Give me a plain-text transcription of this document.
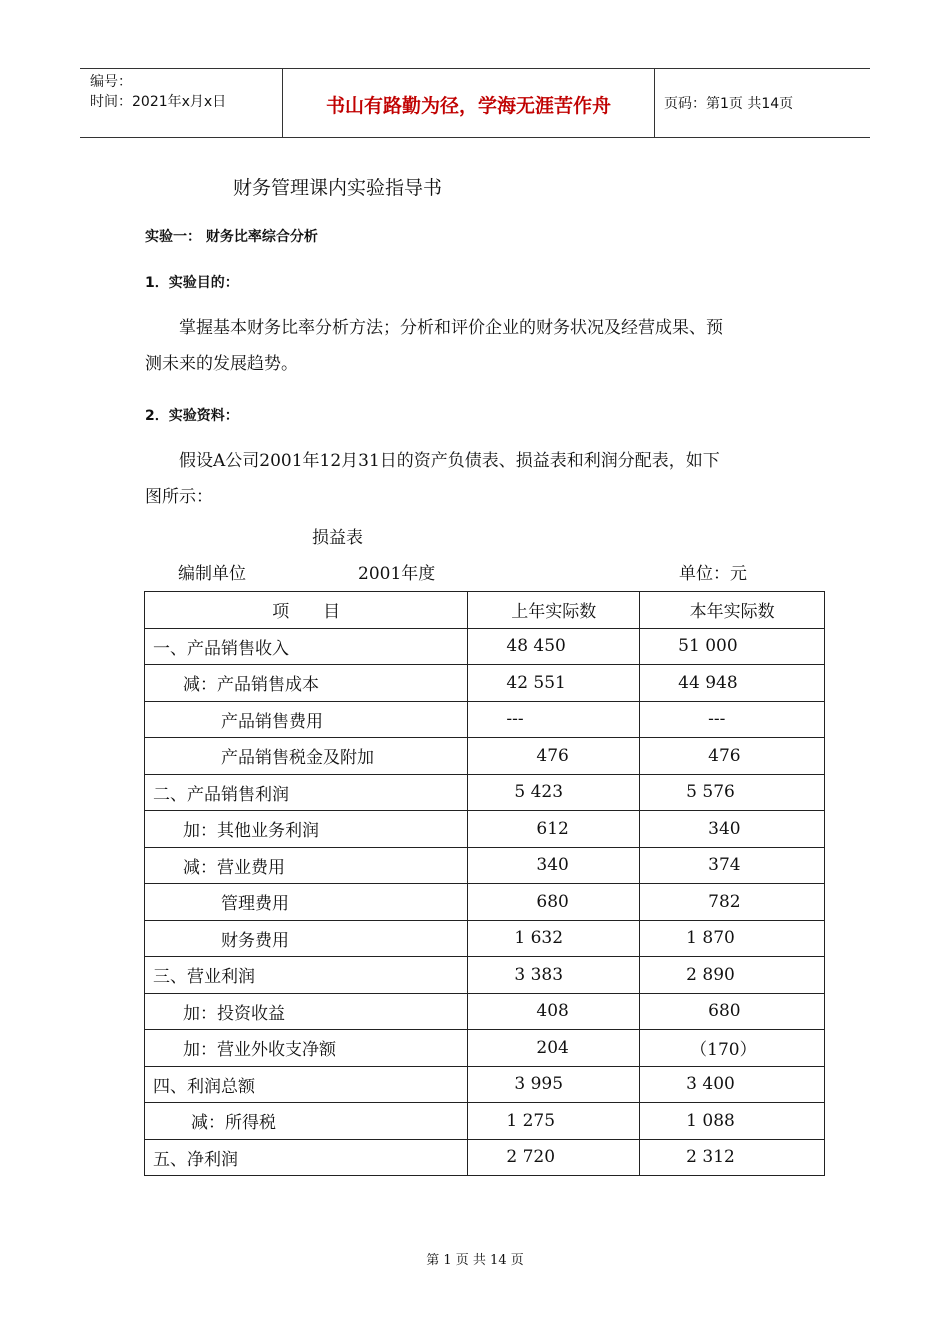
编号：
时间：2021年x月x日	书山有路勤为径，学海无涯苦作舟	页码：第1页 共14页
财务管理课内实验指导书
实验一： 财务比率综合分析
1．实验目的：
掌握基本财务比率分析方法；分析和评价企业的财务状况及经营成果、预
测未来的发展趋势。
2．实验资料：
假设A公司2001年12月31日的资产负债表、损益表和利润分配表，如下
图所示：
损益表
编制单位	2001年度	单位：元
项　　目	上年实际数	本年实际数
一、产品销售收入	48 450	51 000
减：产品销售成本	42 551	44 948
产品销售费用	---	---
产品销售税金及附加	476	476
二、产品销售利润	5 423	5 576
加：其他业务利润	612	340
减：营业费用	340	374
管理费用	680	782
财务费用	1 632	1 870
三、营业利润	3 383	2 890
加：投资收益	408	680
加：营业外收支净额	204	（170）
四、利润总额	3 995	3 400
减：所得税	1 275	1 088
五、净利润	2 720	2 312
第 1 页 共 14 页
